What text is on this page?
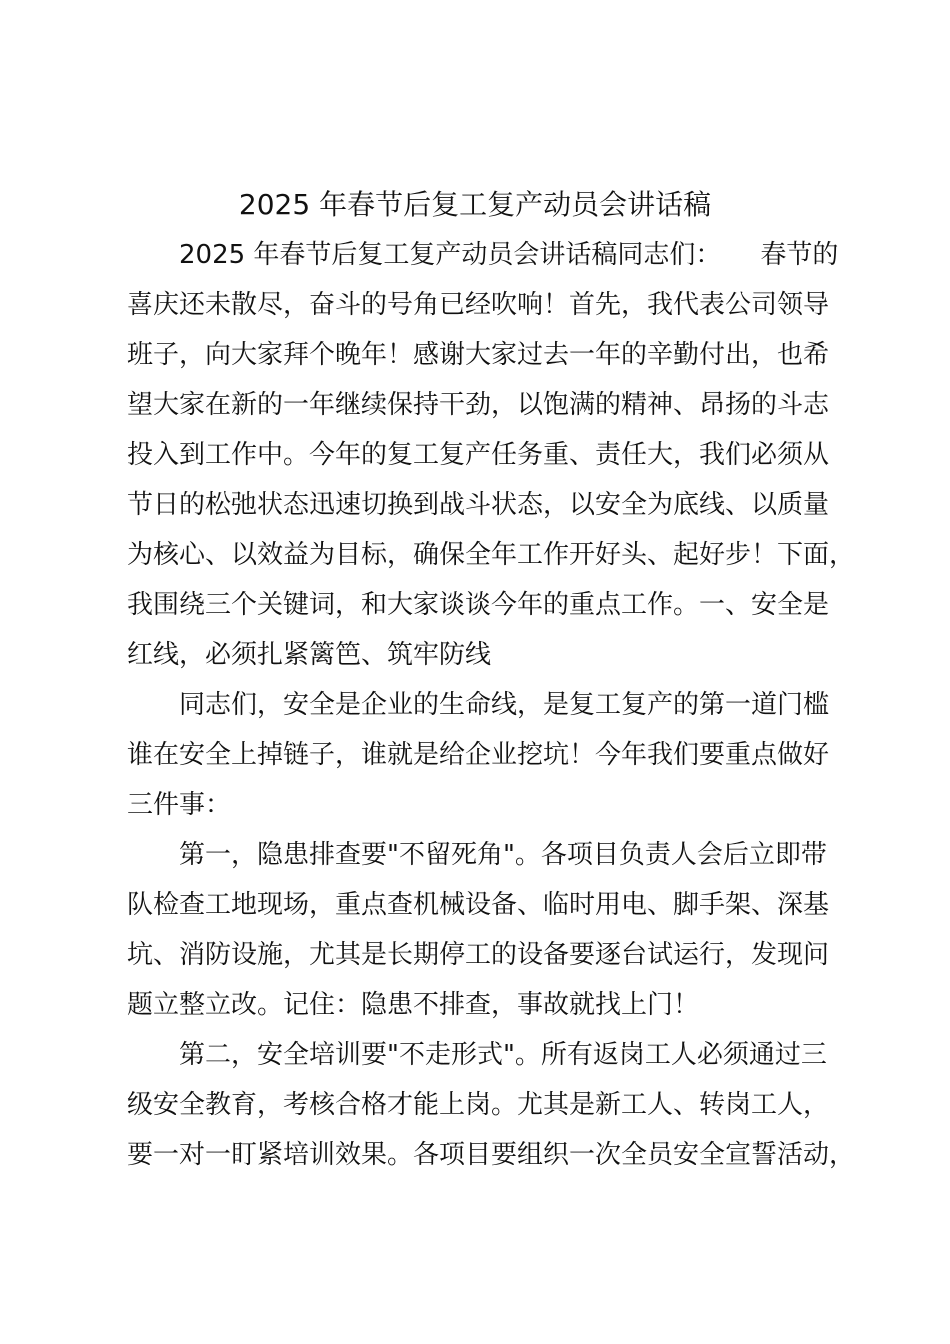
2025 年春节后复工复产动员会讲话稿
2025 年春节后复工复产动员会讲话稿同志们：　　春节的
喜庆还未散尽，奋斗的号角已经吹响！首先，我代表公司领导
班子，向大家拜个晚年！感谢大家过去一年的辛勤付出，也希
望大家在新的一年继续保持干劲，以饱满的精神、昂扬的斗志
投入到工作中。今年的复工复产任务重、责任大，我们必须从
节日的松弛状态迅速切换到战斗状态，以安全为底线、以质量
为核心、以效益为目标，确保全年工作开好头、起好步！下面，
我围绕三个关键词，和大家谈谈今年的重点工作。一、安全是
红线，必须扎紧篱笆、筑牢防线
同志们，安全是企业的生命线，是复工复产的第一道门槛
谁在安全上掉链子，谁就是给企业挖坑！今年我们要重点做好
三件事：
第一，隐患排查要"不留死角"。各项目负责人会后立即带
队检查工地现场，重点查机械设备、临时用电、脚手架、深基
坑、消防设施，尤其是长期停工的设备要逐台试运行，发现问
题立整立改。记住：隐患不排查，事故就找上门！
第二，安全培训要"不走形式"。所有返岗工人必须通过三
级安全教育，考核合格才能上岗。尤其是新工人、转岗工人，
要一对一盯紧培训效果。各项目要组织一次全员安全宣誓活动，
